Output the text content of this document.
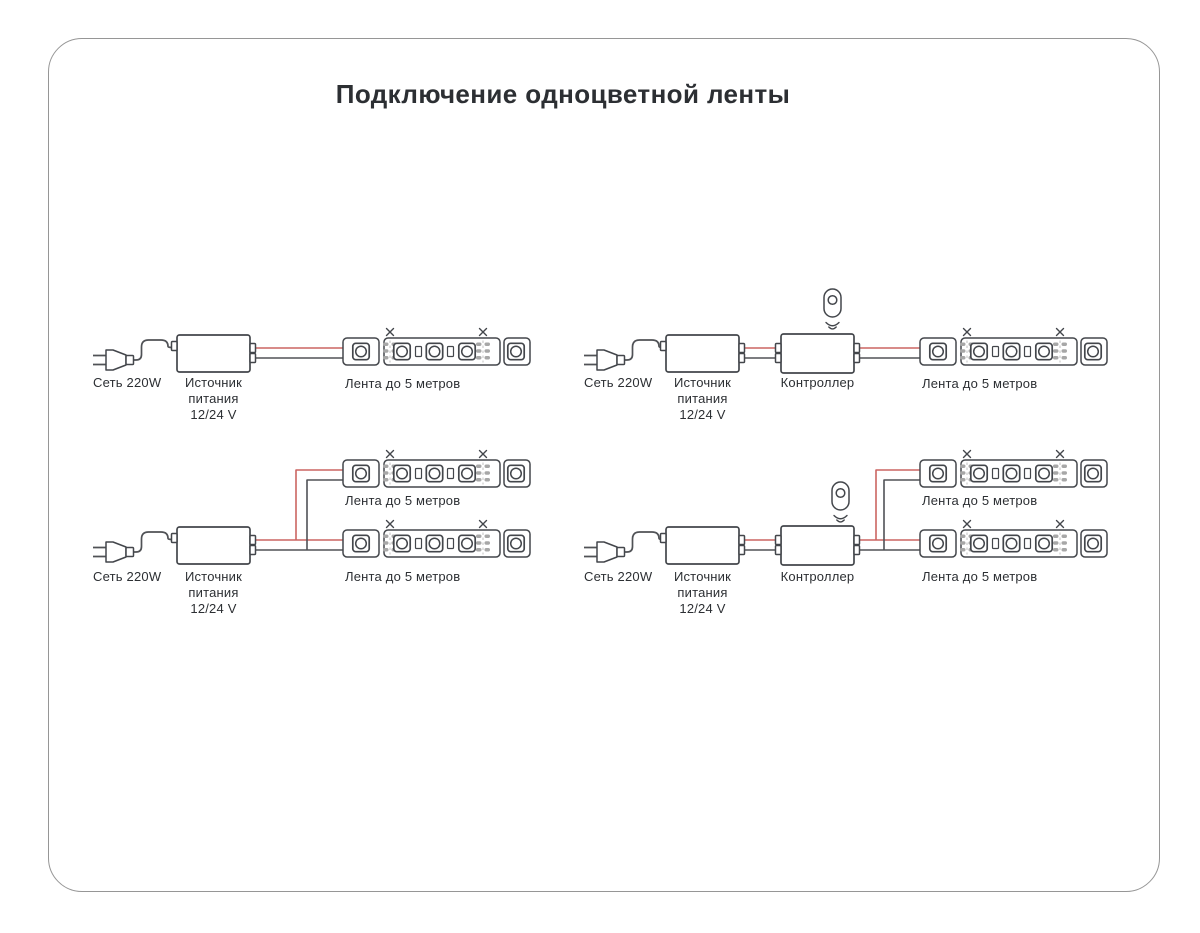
Подключение одноцветной ленты
Сеть 220W	Источник
питания
12/24 V
Лента до 5 метров	Сеть 220W	Источник
питания
12/24 V
Контроллер	Лента до 5 метров
Лента до 5 метров
Сеть 220W	Источник
питания
12/24 V
Лента до 5 метров
Лента до 5 метров
Сеть 220W	Источник
питания
12/24 V
Контроллер	Лента до 5 метров
